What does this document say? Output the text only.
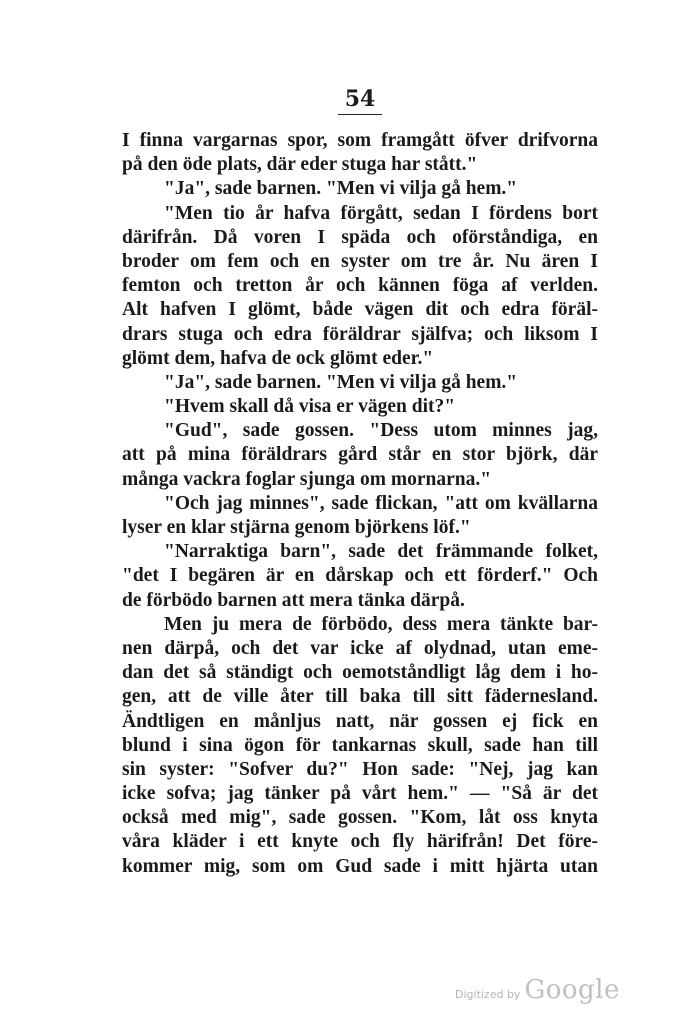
54
I finna vargarnas spor, som framgått öfver drifvorna
på den öde plats, där eder stuga har stått."
"Ja", sade barnen. "Men vi vilja gå hem."
"Men tio år hafva förgått, sedan I fördens bort
därifrån. Då voren I späda och oförståndiga, en
broder om fem och en syster om tre år. Nu ären I
femton och tretton år och kännen föga af verlden.
Alt hafven I glömt, både vägen dit och edra föräl-
drars stuga och edra föräldrar själfva; och liksom I
glömt dem, hafva de ock glömt eder."
"Ja", sade barnen. "Men vi vilja gå hem."
"Hvem skall då visa er vägen dit?"
"Gud", sade gossen. "Dess utom minnes jag,
att på mina föräldrars gård står en stor björk, där
många vackra foglar sjunga om mornarna."
"Och jag minnes", sade flickan, "att om kvällarna
lyser en klar stjärna genom björkens löf."
"Narraktiga barn", sade det främmande folket,
"det I begären är en dårskap och ett förderf." Och
de förbödo barnen att mera tänka därpå.
Men ju mera de förbödo, dess mera tänkte bar-
nen därpå, och det var icke af olydnad, utan eme-
dan det så ständigt och oemotståndligt låg dem i ho-
gen, att de ville åter till baka till sitt fädernesland.
Ändtligen en månljus natt, när gossen ej fick en
blund i sina ögon för tankarnas skull, sade han till
sin syster: "Sofver du?" Hon sade: "Nej, jag kan
icke sofva; jag tänker på vårt hem." — "Så är det
också med mig", sade gossen. "Kom, låt oss knyta
våra kläder i ett knyte och fly härifrån! Det före-
kommer mig, som om Gud sade i mitt hjärta utan
Digitized by Google
